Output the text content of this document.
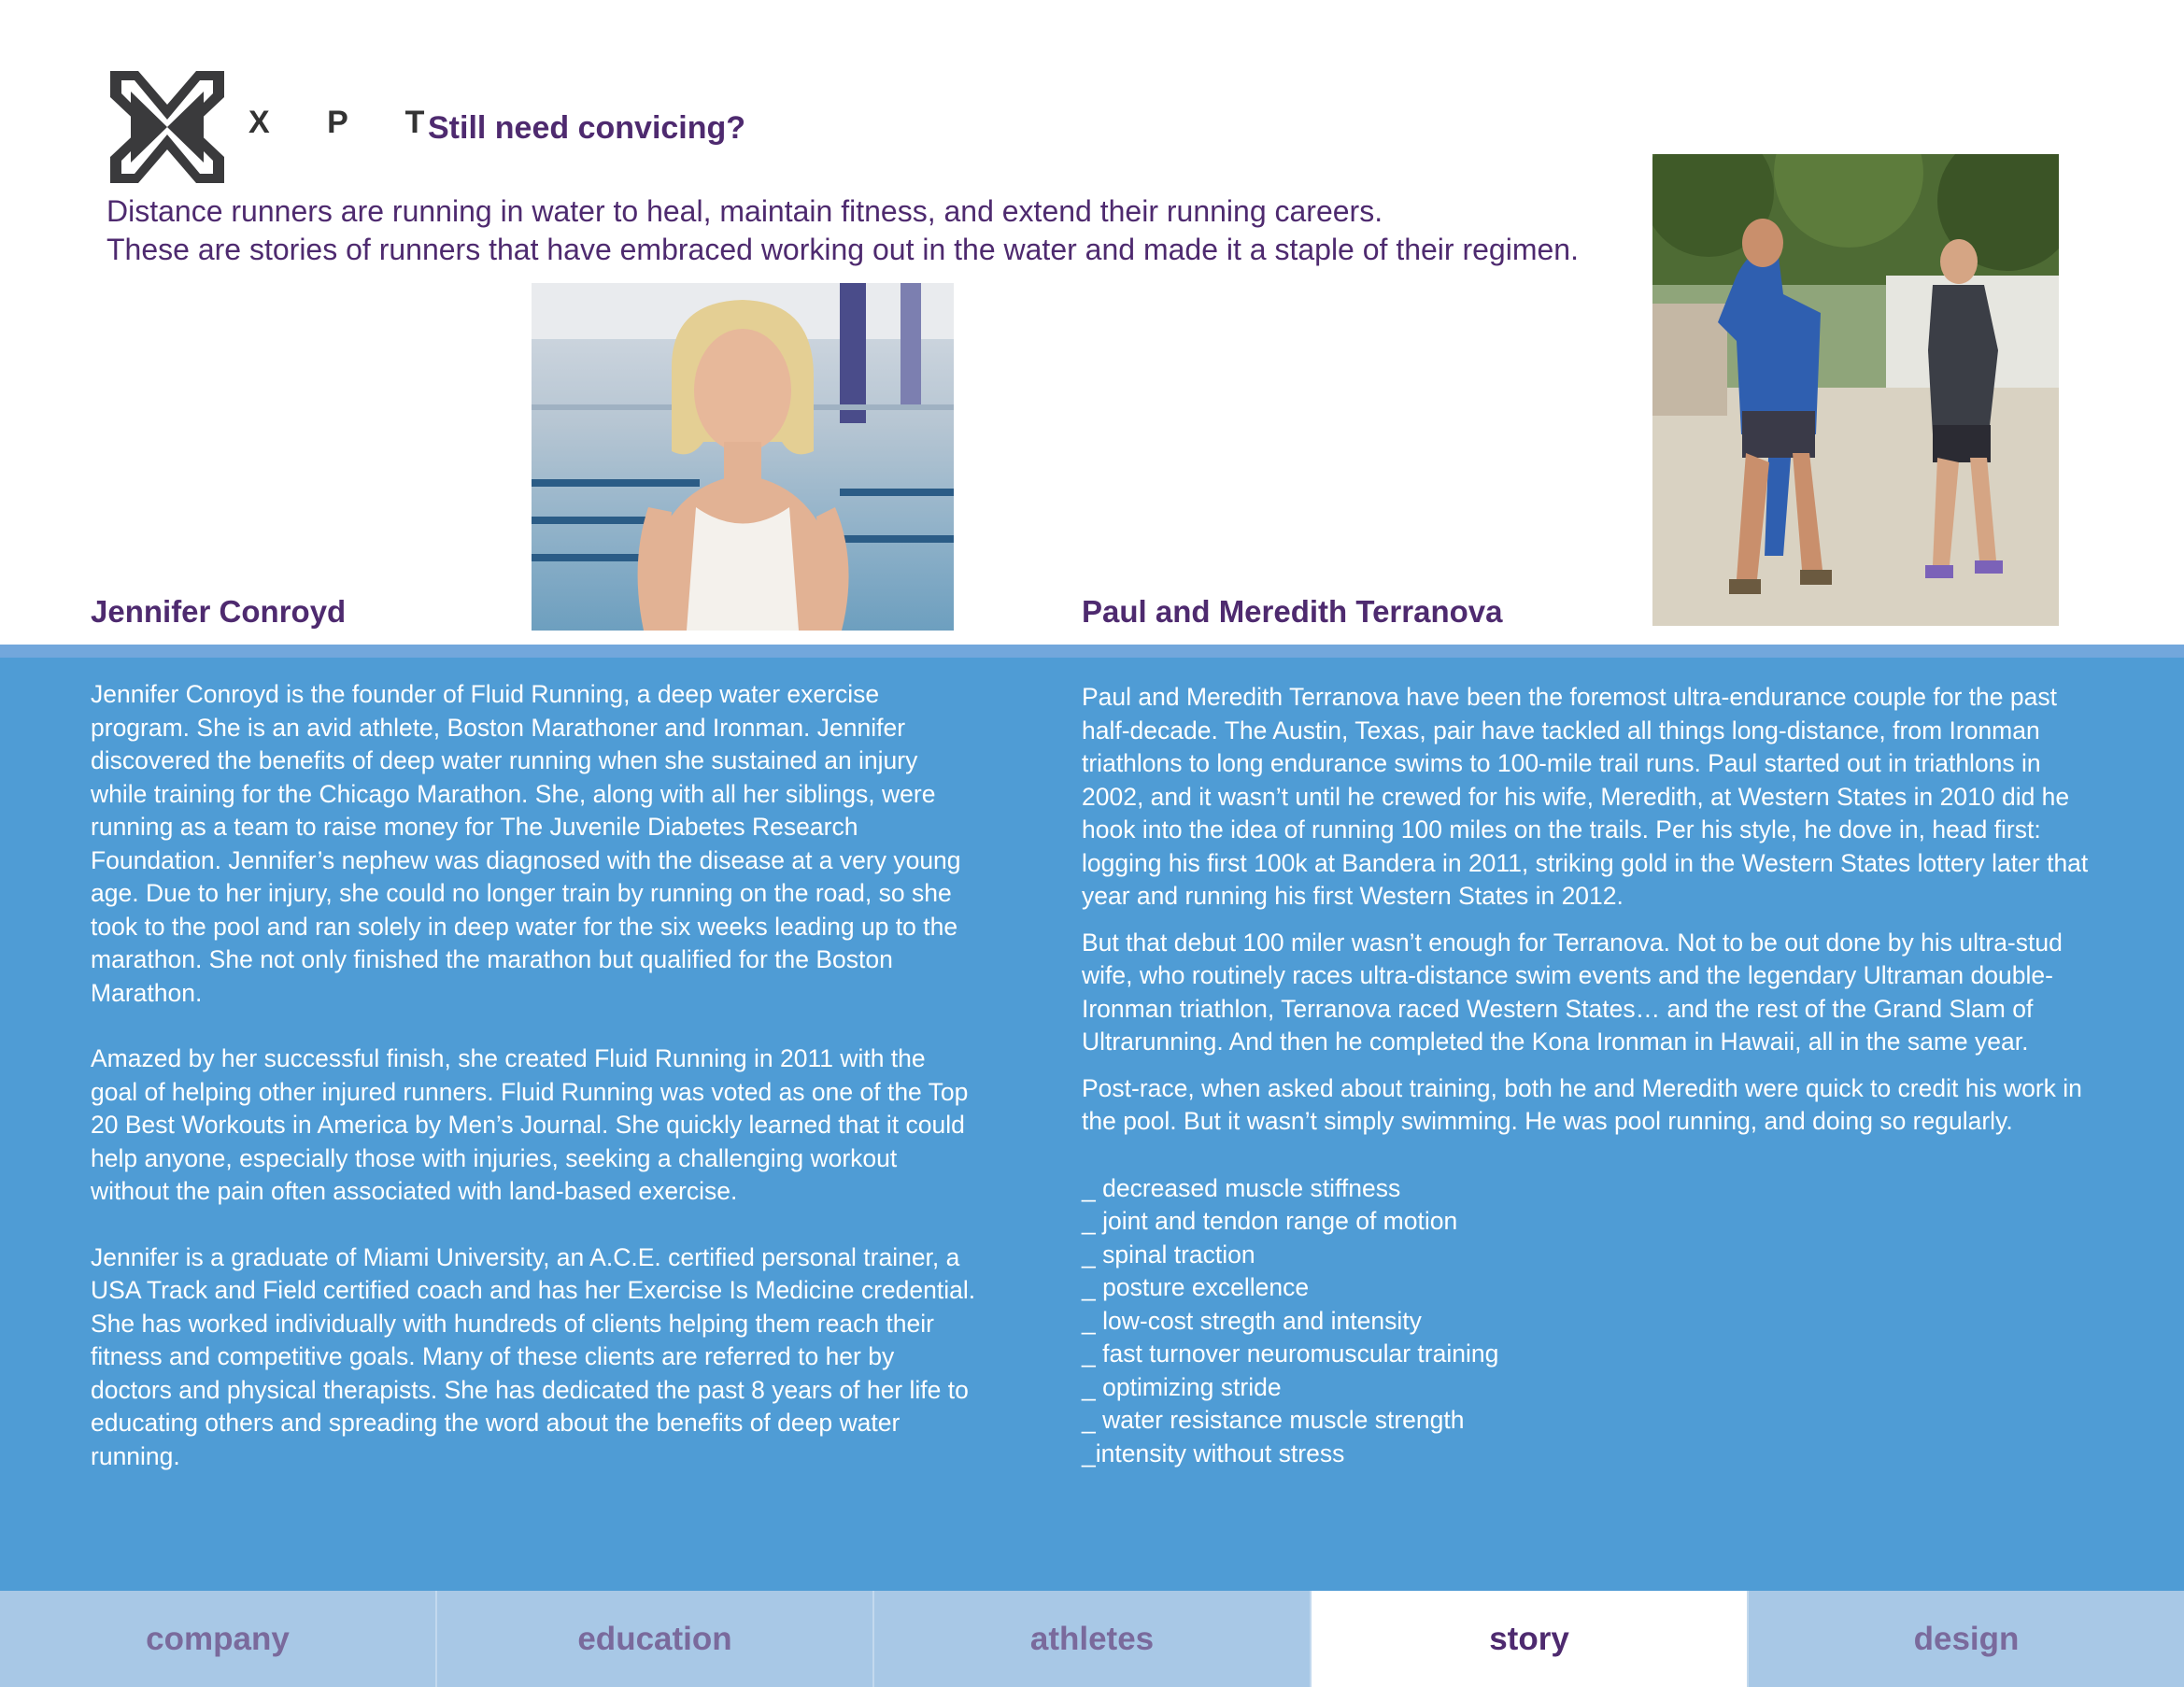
X P T
Still need convicing?
Distance runners are running in water to heal, maintain fitness, and extend their running careers.
These are stories of runners that have embraced working out in the water and made it a staple of their regimen.
Jennifer Conroyd	Paul and Meredith Terranova

Jennifer Conroyd is the founder of Fluid Running, a deep water exercise program. She is an avid athlete, Boston Marathoner and Ironman. Jennifer discovered the benefits of deep water running when she sustained an injury while training for the Chicago Marathon. She, along with all her siblings, were running as a team to raise money for The Juvenile Diabetes Research Foundation. Jennifer’s nephew was diagnosed with the disease at a very young age. Due to her injury, she could no longer train by running on the road, so she took to the pool and ran solely in deep water for the six weeks leading up to the marathon. She not only finished the marathon but qualified for the Boston Marathon.

Amazed by her successful finish, she created Fluid Running in 2011 with the goal of helping other injured runners. Fluid Running was voted as one of the Top 20 Best Workouts in America by Men’s Journal. She quickly learned that it could help anyone, especially those with injuries, seeking a challenging workout without the pain often associated with land-based exercise.

Jennifer is a graduate of Miami University, an A.C.E. certified personal trainer, a USA Track and Field certified coach and has her Exercise Is Medicine credential. She has worked individually with hundreds of clients helping them reach their fitness and competitive goals. Many of these clients are referred to her by doctors and physical therapists. She has dedicated the past 8 years of her life to educating others and spreading the word about the benefits of deep water running.

Paul and Meredith Terranova have been the foremost ultra-endurance couple for the past half-decade. The Austin, Texas, pair have tackled all things long-distance, from Ironman triathlons to long endurance swims to 100-mile trail runs. Paul started out in triathlons in 2002, and it wasn’t until he crewed for his wife, Meredith, at Western States in 2010 did he hook into the idea of running 100 miles on the trails. Per his style, he dove in, head first: logging his first 100k at Bandera in 2011, striking gold in the Western States lottery later that year and running his first Western States in 2012.

But that debut 100 miler wasn’t enough for Terranova. Not to be out done by his ultra-stud wife, who routinely races ultra-distance swim events and the legendary Ultraman double-Ironman triathlon, Terranova raced Western States… and the rest of the Grand Slam of Ultrarunning. And then he completed the Kona Ironman in Hawaii, all in the same year.

Post-race, when asked about training, both he and Meredith were quick to credit his work in the pool. But it wasn’t simply swimming. He was pool running, and doing so regularly.

_ decreased muscle stiffness
_ joint and tendon range of motion
_ spinal traction
_ posture excellence
_ low-cost stregth and intensity
_ fast turnover neuromuscular training
_ optimizing stride
_ water resistance muscle strength
_intensity without stress
company	education	athletes	story	design
